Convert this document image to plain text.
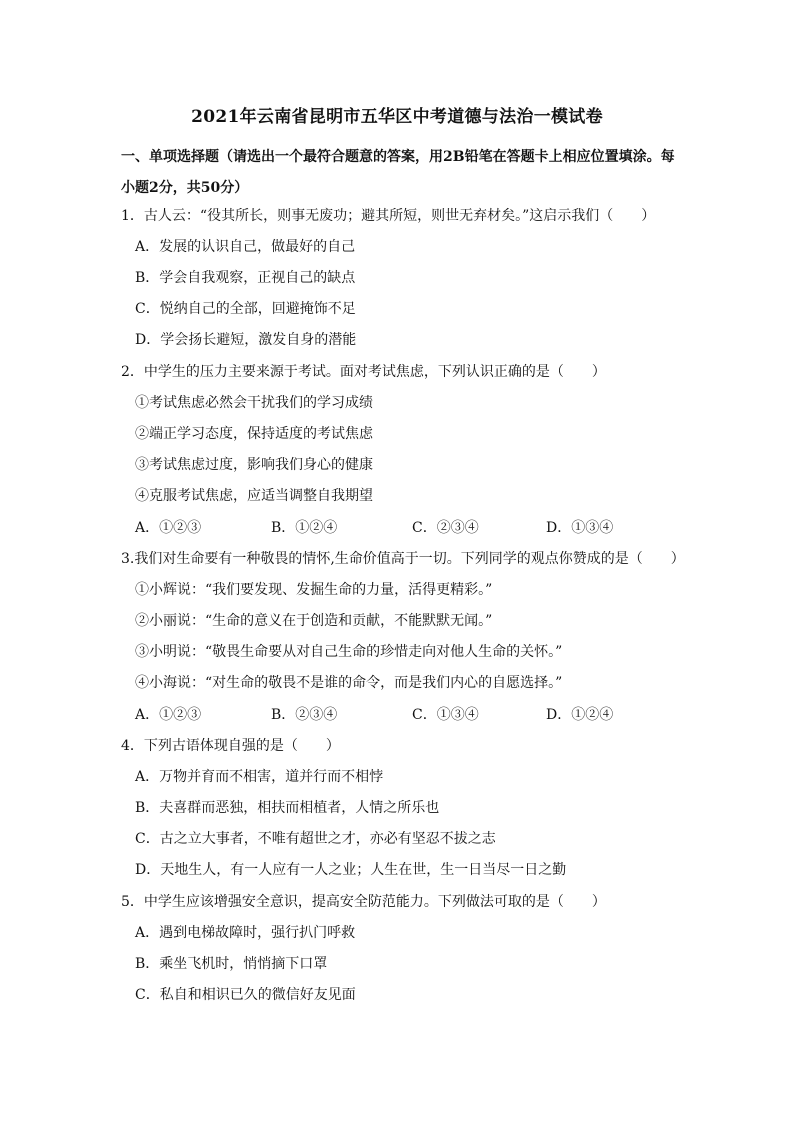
2021年云南省昆明市五华区中考道德与法治一模试卷
一、单项选择题（请选出一个最符合题意的答案，用2B铅笔在答题卡上相应位置填涂。每
小题2分，共50分）
1．古人云：“役其所长，则事无废功；避其所短，则世无弃材矣。”这启示我们（　　）
A．发展的认识自己，做最好的自己
B．学会自我观察，正视自己的缺点
C．悦纳自己的全部，回避掩饰不足
D．学会扬长避短，激发自身的潜能
2．中学生的压力主要来源于考试。面对考试焦虑，下列认识正确的是（　　）
①考试焦虑必然会干扰我们的学习成绩
②端正学习态度，保持适度的考试焦虑
③考试焦虑过度，影响我们身心的健康
④克服考试焦虑，应适当调整自我期望
A．①②③	B．①②④	C．②③④	D．①③④
3.我们对生命要有一种敬畏的情怀,生命价值高于一切。下列同学的观点你赞成的是（　　）
①小辉说：“我们要发现、发掘生命的力量，活得更精彩。”
②小丽说：“生命的意义在于创造和贡献，不能默默无闻。”
③小明说：“敬畏生命要从对自己生命的珍惜走向对他人生命的关怀。”
④小海说：“对生命的敬畏不是谁的命令，而是我们内心的自愿选择。”
A．①②③	B．②③④	C．①③④	D．①②④
4．下列古语体现自强的是（　　）
A．万物并育而不相害，道并行而不相悖
B．夫喜群而恶独，相扶而相植者，人情之所乐也
C．古之立大事者，不唯有超世之才，亦必有坚忍不拔之志
D．天地生人，有一人应有一人之业；人生在世，生一日当尽一日之勤
5．中学生应该增强安全意识，提高安全防范能力。下列做法可取的是（　　）
A．遇到电梯故障时，强行扒门呼救
B．乘坐飞机时，悄悄摘下口罩
C．私自和相识已久的微信好友见面
